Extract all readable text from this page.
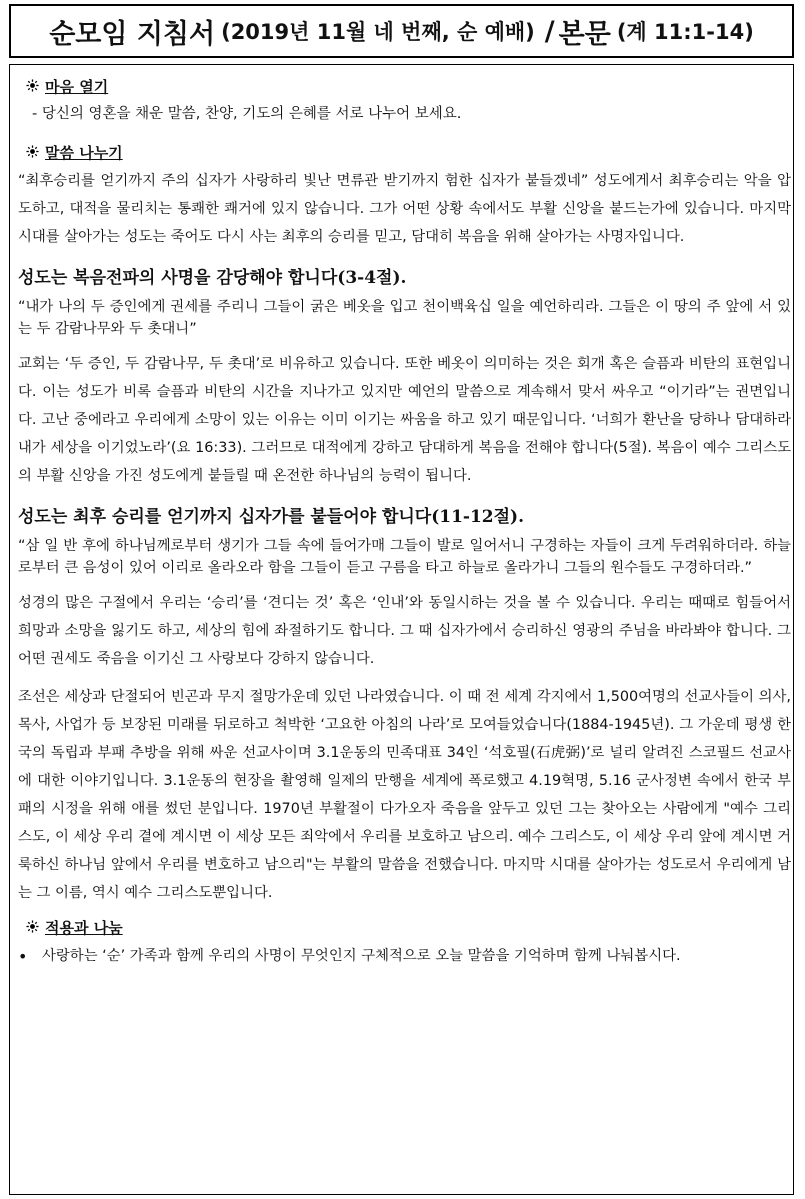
순모임 지침서 (2019년 11월 네 번째, 순 예배) / 본문 (계 11:1-14)
마음 열기
- 당신의 영혼을 채운 말씀, 찬양, 기도의 은혜를 서로 나누어 보세요.
말씀 나누기

“최후승리를 얻기까지 주의 십자가 사랑하리 빛난 면류관 받기까지 험한 십자가 붙들겠네” 성도에게서 최후승리는 악을 압도하고, 대적을 물리치는 통쾌한 쾌거에 있지 않습니다. 그가 어떤 상황 속에서도 부활 신앙을 붙드는가에 있습니다. 마지막 시대를 살아가는 성도는 죽어도 다시 사는 최후의 승리를 믿고, 담대히 복음을 위해 살아가는 사명자입니다.

성도는 복음전파의 사명을 감당해야 합니다(3-4절).

“내가 나의 두 증인에게 권세를 주리니 그들이 굵은 베옷을 입고 천이백육십 일을 예언하리라. 그들은 이 땅의 주 앞에 서 있는 두 감람나무와 두 촛대니”

교회는 ‘두 증인, 두 감람나무, 두 촛대’로 비유하고 있습니다. 또한 베옷이 의미하는 것은 회개 혹은 슬픔과 비탄의 표현입니다. 이는 성도가 비록 슬픔과 비탄의 시간을 지나가고 있지만 예언의 말씀으로 계속해서 맞서 싸우고 “이기라”는 권면입니다. 고난 중에라고 우리에게 소망이 있는 이유는 이미 이기는 싸움을 하고 있기 때문입니다. ‘너희가 환난을 당하나 담대하라 내가 세상을 이기었노라’(요 16:33). 그러므로 대적에게 강하고 담대하게 복음을 전해야 합니다(5절). 복음이 예수 그리스도의 부활 신앙을 가진 성도에게 붙들릴 때 온전한 하나님의 능력이 됩니다.

성도는 최후 승리를 얻기까지 십자가를 붙들어야 합니다(11-12절).

“삼 일 반 후에 하나님께로부터 생기가 그들 속에 들어가매 그들이 발로 일어서니 구경하는 자들이 크게 두려워하더라. 하늘로부터 큰 음성이 있어 이리로 올라오라 함을 그들이 듣고 구름을 타고 하늘로 올라가니 그들의 원수들도 구경하더라.”

성경의 많은 구절에서 우리는 ‘승리’를 ‘견디는 것’ 혹은 ‘인내’와 동일시하는 것을 볼 수 있습니다. 우리는 때때로 힘들어서 희망과 소망을 잃기도 하고, 세상의 힘에 좌절하기도 합니다. 그 때 십자가에서 승리하신 영광의 주님을 바라봐야 합니다. 그 어떤 권세도 죽음을 이기신 그 사랑보다 강하지 않습니다.

조선은 세상과 단절되어 빈곤과 무지 절망가운데 있던 나라였습니다. 이 때 전 세계 각지에서 1,500여명의 선교사들이 의사, 목사, 사업가 등 보장된 미래를 뒤로하고 척박한 ‘고요한 아침의 나라’로 모여들었습니다(1884-1945년). 그 가운데 평생 한국의 독립과 부패 추방을 위해 싸운 선교사이며 3.1운동의 민족대표 34인 ‘석호필(石虎弼)’로 널리 알려진 스코필드 선교사에 대한 이야기입니다. 3.1운동의 현장을 촬영해 일제의 만행을 세계에 폭로했고 4.19혁명, 5.16 군사정변 속에서 한국 부패의 시정을 위해 애를 썼던 분입니다. 1970년 부활절이 다가오자 죽음을 앞두고 있던 그는 찾아오는 사람에게 "예수 그리스도, 이 세상 우리 곁에 계시면 이 세상 모든 죄악에서 우리를 보호하고 남으리. 예수 그리스도, 이 세상 우리 앞에 계시면 거룩하신 하나님 앞에서 우리를 변호하고 남으리"는 부활의 말씀을 전했습니다. 마지막 시대를 살아가는 성도로서 우리에게 남는 그 이름, 역시 예수 그리스도뿐입니다.

적용과 나눔
•	사랑하는 ‘순’ 가족과 함께 우리의 사명이 무엇인지 구체적으로 오늘 말씀을 기억하며 함께 나눠봅시다.
